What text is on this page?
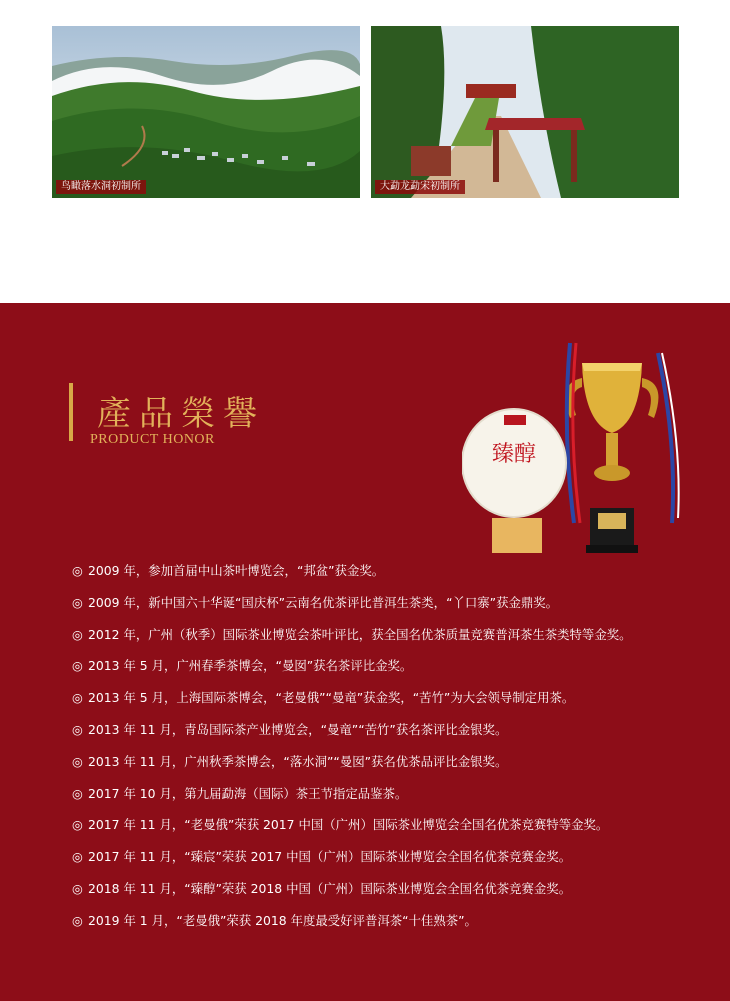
鸟瞰落水洞初制所	大勐龙勐宋初制所
產品榮譽
PRODUCT HONOR
臻醇
◎ 2009 年，参加首届中山茶叶博览会，“邦盆”获金奖。
◎ 2009 年，新中国六十华诞“国庆杯”云南名优茶评比普洱生茶类，“丫口寨”获金鼎奖。
◎ 2012 年，广州（秋季）国际茶业博览会茶叶评比，获全国名优茶质量竞赛普洱茶生茶类特等金奖。
◎ 2013 年 5 月，广州春季茶博会，“曼囡”获名茶评比金奖。
◎ 2013 年 5 月，上海国际茶博会，“老曼俄”“曼竜”获金奖，“苦竹”为大会领导制定用茶。
◎ 2013 年 11 月，青岛国际茶产业博览会，“曼竜”“苦竹”获名茶评比金银奖。
◎ 2013 年 11 月，广州秋季茶博会，“落水洞”“曼囡”获名优茶品评比金银奖。
◎ 2017 年 10 月，第九届勐海（国际）茶王节指定品鉴茶。
◎ 2017 年 11 月，“老曼俄”荣获 2017 中国（广州）国际茶业博览会全国名优茶竞赛特等金奖。
◎ 2017 年 11 月，“臻宸”荣获 2017 中国（广州）国际茶业博览会全国名优茶竞赛金奖。
◎ 2018 年 11 月，“臻醇”荣获 2018 中国（广州）国际茶业博览会全国名优茶竞赛金奖。
◎ 2019 年 1 月，“老曼俄”荣获 2018 年度最受好评普洱茶“十佳熟茶”。
